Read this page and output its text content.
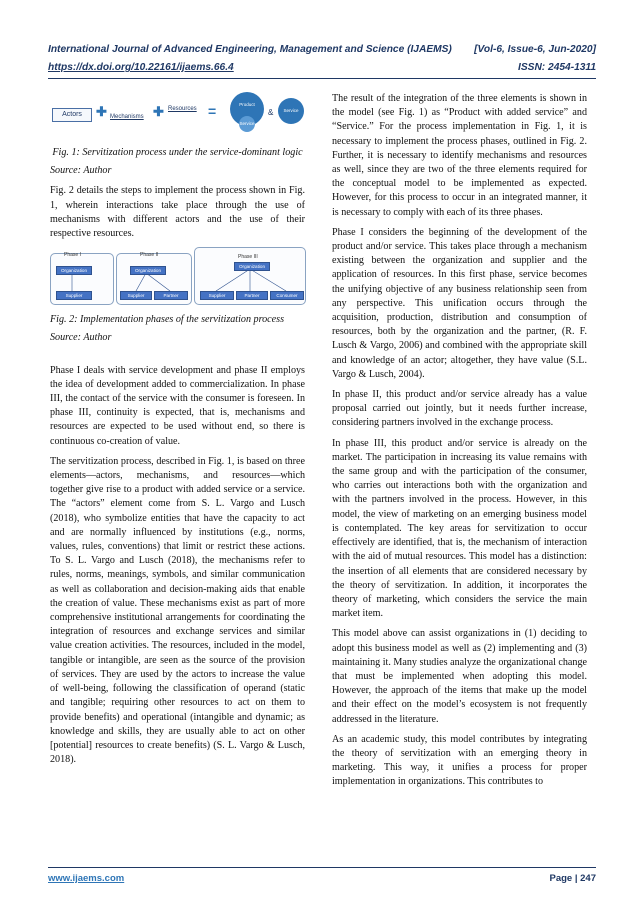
International Journal of Advanced Engineering, Management and Science (IJAEMS)
https://dx.doi.org/10.22161/ijaems.66.4
[Vol-6, Issue-6, Jun-2020]
ISSN: 2454-1311
Actors	✚ Mechanisms ✚ Resources =	Product
Service
&	Service
Fig. 1: Servitization process under the service-dominant logic
Source: Author

Fig. 2 details the steps to implement the process shown in Fig. 1, wherein interactions take place through the use of mechanisms with different actors and the use of their respective resources.

Phase I	Phase II	Phase III
Organization
Supplier
Organization
Supplier	Partner
Organization
Supplier	Partner	Consumer
Fig. 2: Implementation phases of the servitization process
Source: Author

Phase I deals with service development and phase II employs the idea of development added to commercialization. In phase III, the contact of the service with the consumer is foreseen. In phase III, continuity is expected, that is, mechanisms and resources are expected to be used without end, so there is continuous co-creation of value.

The servitization process, described in Fig. 1, is based on three elements—actors, mechanisms, and resources—which together give rise to a product with added service or a service. The “actors” element come from S. L. Vargo and Lusch (2018), who symbolize entities that have the capacity to act and are normally influenced by institutions (e.g., norms, values, rules, conventions) that limit or restrict these actions. To S. L. Vargo and Lusch (2018), the mechanisms refer to rules, norms, meanings, symbols, and similar communication as well as collaboration and decision-making aids that enable the creation of value. These mechanisms exist as part of more comprehensive institutional arrangements for coordinating the integration of resources and exchange services and similar value creation activities. The resources, included in the model, tangible or intangible, are seen as the source of the provision of services. They are used by the actors to increase the value of well-being, following the classification of operand (static and tangible; requiring other resources to act on them to provide benefits) and operational (intangible and dynamic; as knowledge and skills, they are usually able to act on other [potential] resources to create benefits) (S. L. Vargo & Lusch, 2018).

The result of the integration of the three elements is shown in the model (see Fig. 1) as “Product with added service” and “Service.” For the process implementation in Fig. 1, it is necessary to implement the process phases, outlined in Fig. 2. Further, it is necessary to identify mechanisms and resources as well, since they are two of the three elements required for the conceptual model to be implemented as expected. However, for this process to occur in an integrated manner, it is necessary to comply with each of its three phases.

Phase I considers the beginning of the development of the product and/or service. This takes place through a mechanism existing between the organization and supplier and the application of resources. In this first phase, service becomes the unifying objective of any business relationship seen from any perspective. This unification occurs through the acquisition, production, distribution and consumption of resources, both by the organization and the partner, (R. F. Lusch & Vargo, 2006) and combined with the appropriate skill and knowledge of an actor; altogether, they have value (S.L. Vargo & Lusch, 2004).

In phase II, this product and/or service already has a value proposal carried out jointly, but it needs further increase, considering partners involved in the exchange process.

In phase III, this product and/or service is already on the market. The participation in increasing its value remains with the same group and with the participation of the consumer, who carries out interactions both with the organization and with the partners involved in the process. However, in this model, the view of marketing on an emerging business model is contemplated. The key areas for servitization to occur effectively are identified, that is, the mechanism of interaction with the aid of mutual resources. This model has a distinction: the insertion of all elements that are considered necessary by the theory of servitization. In addition, it incorporates the theory of marketing, which considers the service the main market item.

This model above can assist organizations in (1) deciding to adopt this business model as well as (2) implementing and (3) maintaining it. Many studies analyze the organizational change that must be implemented when adopting this model. However, the approach of the items that make up the model and their effect on the model’s ecosystem is not frequently addressed in the literature.

As an academic study, this model contributes by integrating the theory of servitization with an emerging theory in marketing. This way, it unifies a process for proper implementation in organizations. This contributes to

www.ijaems.com	Page | 247
